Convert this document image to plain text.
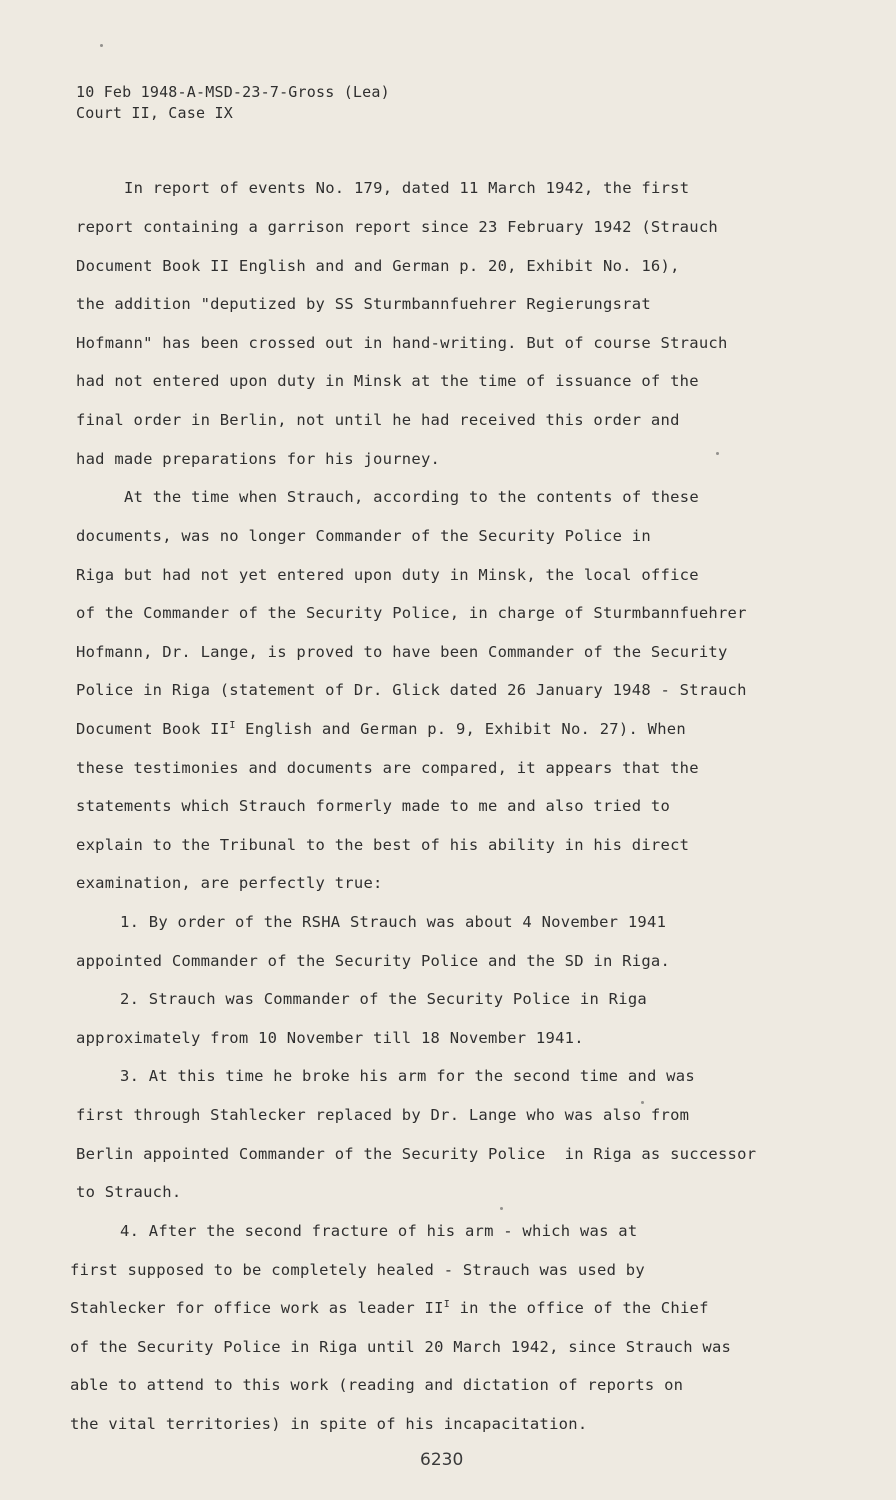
10 Feb 1948-A-MSD-23-7-Gross (Lea)
Court II, Case IX
In report of events No. 179, dated 11 March 1942, the first
report containing a garrison report since 23 February 1942 (Strauch
Document Book II English and and German p. 20, Exhibit No. 16),
the addition "deputized by SS Sturmbannfuehrer Regierungsrat
Hofmann" has been crossed out in hand-writing. But of course Strauch
had not entered upon duty in Minsk at the time of issuance of the
final order in Berlin, not until he had received this order and
had made preparations for his journey.
At the time when Strauch, according to the contents of these
documents, was no longer Commander of the Security Police in
Riga but had not yet entered upon duty in Minsk, the local office
of the Commander of the Security Police, in charge of Sturmbannfuehrer
Hofmann, Dr. Lange, is proved to have been Commander of the Security
Police in Riga (statement of Dr. Glick dated 26 January 1948 - Strauch
Document Book $II^I$ English and German p. 9, Exhibit No. 27). When
these testimonies and documents are compared, it appears that the
statements which Strauch formerly made to me and also tried to
explain to the Tribunal to the best of his ability in his direct
examination, are perfectly true:
1. By order of the RSHA Strauch was about 4 November 1941
appointed Commander of the Security Police and the SD in Riga.
2. Strauch was Commander of the Security Police in Riga
approximately from 10 November till 18 November 1941.
3. At this time he broke his arm for the second time and was
first through Stahlecker replaced by Dr. Lange who was also from
Berlin appointed Commander of the Security Police  in Riga as successor
to Strauch.
4. After the second fracture of his arm - which was at
first supposed to be completely healed - Strauch was used by
Stahlecker for office work as leader $II^I$ in the office of the Chief
of the Security Police in Riga until 20 March 1942, since Strauch was
able to attend to this work (reading and dictation of reports on
the vital territories) in spite of his incapacitation.
6230
